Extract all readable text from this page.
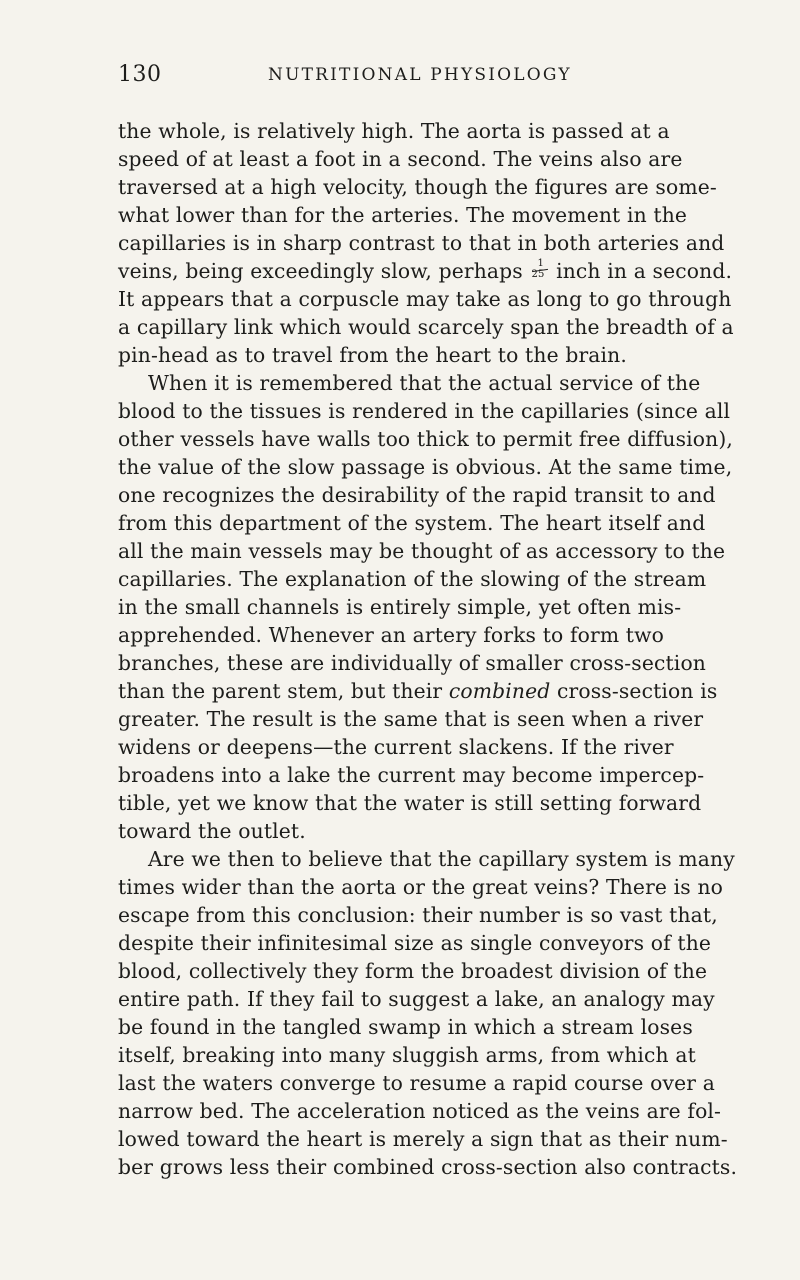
130	NUTRITIONAL PHYSIOLOGY
the whole, is relatively high. The aorta is passed at a
speed of at least a foot in a second. The veins also are
traversed at a high velocity, though the figures are some-
what lower than for the arteries. The movement in the
capillaries is in sharp contrast to that in both arteries and
veins, being exceedingly slow, perhaps $\frac{1}{25}$ inch in a second.
It appears that a corpuscle may take as long to go through
a capillary link which would scarcely span the breadth of a
pin-head as to travel from the heart to the brain.
When it is remembered that the actual service of the
blood to the tissues is rendered in the capillaries (since all
other vessels have walls too thick to permit free diffusion),
the value of the slow passage is obvious. At the same time,
one recognizes the desirability of the rapid transit to and
from this department of the system. The heart itself and
all the main vessels may be thought of as accessory to the
capillaries. The explanation of the slowing of the stream
in the small channels is entirely simple, yet often mis-
apprehended. Whenever an artery forks to form two
branches, these are individually of smaller cross-section
than the parent stem, but their combined cross-section is
greater. The result is the same that is seen when a river
widens or deepens—the current slackens. If the river
broadens into a lake the current may become impercep-
tible, yet we know that the water is still setting forward
toward the outlet.
Are we then to believe that the capillary system is many
times wider than the aorta or the great veins? There is no
escape from this conclusion: their number is so vast that,
despite their infinitesimal size as single conveyors of the
blood, collectively they form the broadest division of the
entire path. If they fail to suggest a lake, an analogy may
be found in the tangled swamp in which a stream loses
itself, breaking into many sluggish arms, from which at
last the waters converge to resume a rapid course over a
narrow bed. The acceleration noticed as the veins are fol-
lowed toward the heart is merely a sign that as their num-
ber grows less their combined cross-section also contracts.
